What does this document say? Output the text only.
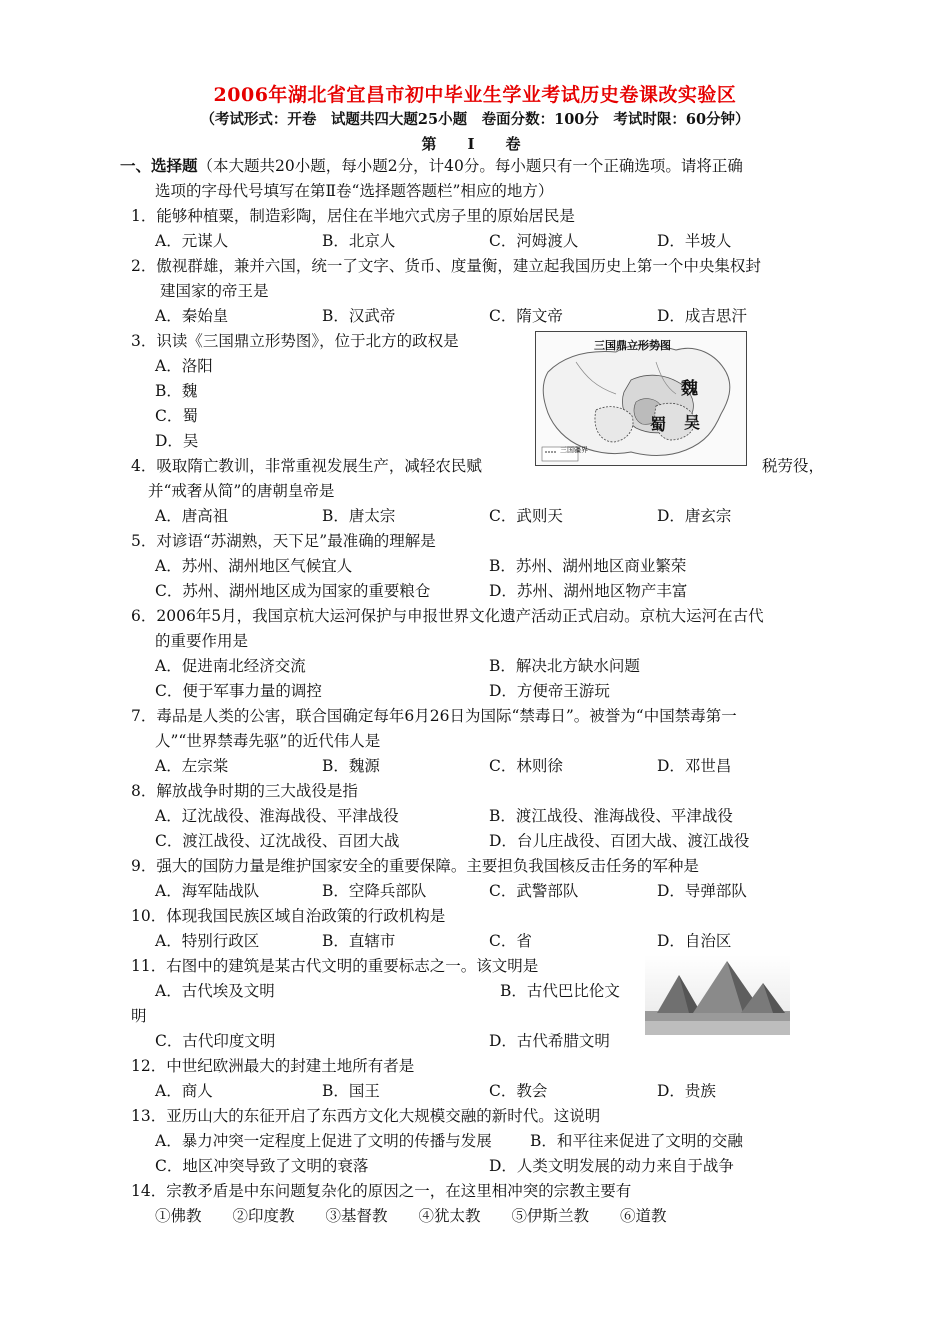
2006年湖北省宜昌市初中毕业生学业考试历史卷课改实验区
（考试形式：开卷　试题共四大题25小题　卷面分数：100分　考试时限：60分钟）
第　Ⅰ　卷
一、选择题（本大题共20小题，每小题2分，计40分。每小题只有一个正确选项。请将正确
选项的字母代号填写在第Ⅱ卷“选择题答题栏”相应的地方）
1．能够种植粟，制造彩陶，居住在半地穴式房子里的原始居民是
A．元谋人	B．北京人	C．河姆渡人	D．半坡人
2．傲视群雄，兼并六国，统一了文字、货币、度量衡，建立起我国历史上第一个中央集权封
建国家的帝王是
A．秦始皇	B．汉武帝	C．隋文帝	D．成吉思汗
3．识读《三国鼎立形势图》，位于北方的政权是
A．洛阳
B．魏
C．蜀
D．吴
三国鼎立形势图
魏
蜀 吴
三国疆界
4．吸取隋亡教训，非常重视发展生产，减轻农民赋	税劳役，
并“戒奢从简”的唐朝皇帝是
A．唐高祖	B．唐太宗	C．武则天	D．唐玄宗
5．对谚语“苏湖熟，天下足”最准确的理解是
A．苏州、湖州地区气候宜人	B．苏州、湖州地区商业繁荣
C．苏州、湖州地区成为国家的重要粮仓	D．苏州、湖州地区物产丰富
6．2006年5月，我国京杭大运河保护与申报世界文化遗产活动正式启动。京杭大运河在古代
的重要作用是
A．促进南北经济交流	B．解决北方缺水问题
C．便于军事力量的调控	D．方便帝王游玩
7．毒品是人类的公害，联合国确定每年6月26日为国际“禁毒日”。被誉为“中国禁毒第一
人”“世界禁毒先驱”的近代伟人是
A．左宗棠	B．魏源	C．林则徐	D．邓世昌
8．解放战争时期的三大战役是指
A．辽沈战役、淮海战役、平津战役	B．渡江战役、淮海战役、平津战役
C．渡江战役、辽沈战役、百团大战	D．台儿庄战役、百团大战、渡江战役
9．强大的国防力量是维护国家安全的重要保障。主要担负我国核反击任务的军种是
A．海军陆战队	B．空降兵部队	C．武警部队	D．导弹部队
10．体现我国民族区域自治政策的行政机构是
A．特别行政区	B．直辖市	C．省	D．自治区
11．右图中的建筑是某古代文明的重要标志之一。该文明是
A．古代埃及文明	B．古代巴比伦文
明
C．古代印度文明	D．古代希腊文明
12．中世纪欧洲最大的封建土地所有者是
A．商人	B．国王	C．教会	D．贵族
13．亚历山大的东征开启了东西方文化大规模交融的新时代。这说明
A．暴力冲突一定程度上促进了文明的传播与发展 B．和平往来促进了文明的交融
C．地区冲突导致了文明的衰落	D．人类文明发展的动力来自于战争
14．宗教矛盾是中东问题复杂化的原因之一，在这里相冲突的宗教主要有
①佛教　　②印度教　　③基督教　　④犹太教　　⑤伊斯兰教　　⑥道教
